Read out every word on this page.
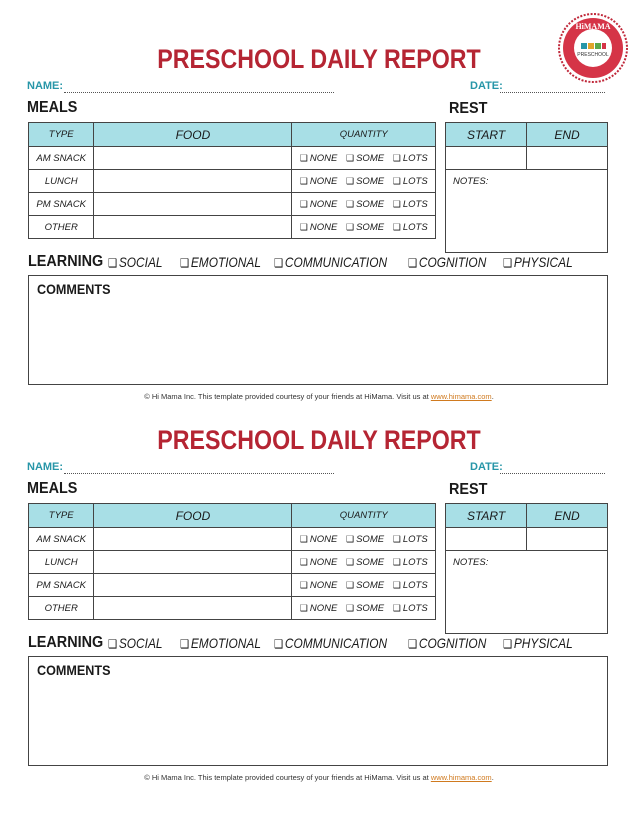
PRESCHOOL
HiMAMA
PRESCHOOL DAILY REPORT
NAME:	DATE:
MEALS	REST
TYPE	FOOD	QUANTITY
AM SNACK		❑ NONE ❑ SOME ❑ LOTS

LUNCH		❑ NONE ❑ SOME ❑ LOTS

PM SNACK		❑ NONE ❑ SOME ❑ LOTS

OTHER		❑ NONE ❑ SOME ❑ LOTS
START	END

NOTES:	
LEARNING ❑ SOCIAL ❑ EMOTIONAL ❑ COMMUNICATION ❑ COGNITION ❑ PHYSICAL
COMMENTS
© Hi Mama Inc. This template provided courtesy of your friends at HiMama. Visit us at www.himama.com.
PRESCHOOL DAILY REPORT
NAME:	DATE:
MEALS	REST
TYPE	FOOD	QUANTITY
AM SNACK		❑ NONE ❑ SOME ❑ LOTS

LUNCH		❑ NONE ❑ SOME ❑ LOTS

PM SNACK		❑ NONE ❑ SOME ❑ LOTS

OTHER		❑ NONE ❑ SOME ❑ LOTS
START	END

NOTES:	
LEARNING ❑ SOCIAL ❑ EMOTIONAL ❑ COMMUNICATION ❑ COGNITION ❑ PHYSICAL
COMMENTS
© Hi Mama Inc. This template provided courtesy of your friends at HiMama. Visit us at www.himama.com.
